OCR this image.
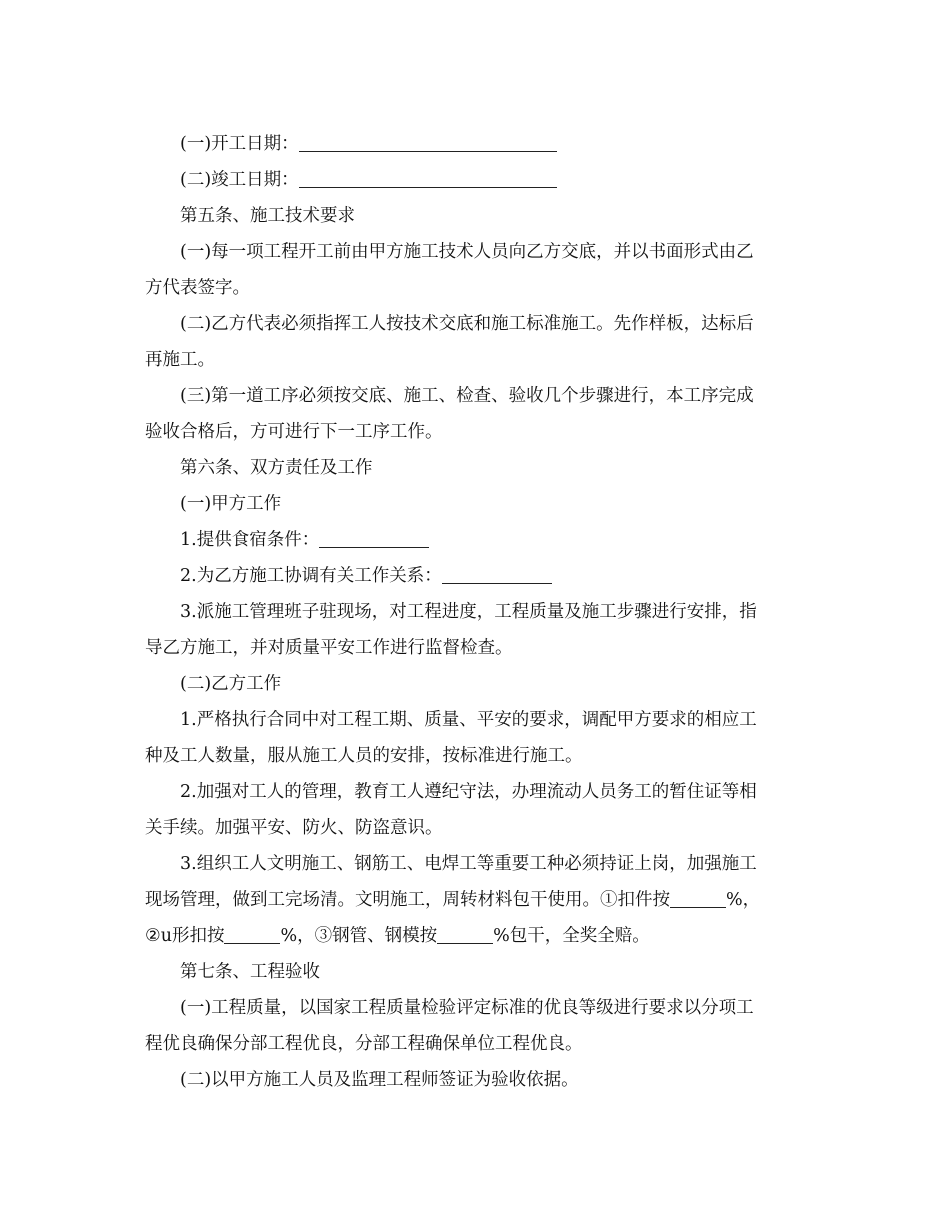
(一)开工日期：
(二)竣工日期：
第五条、施工技术要求
(一)每一项工程开工前由甲方施工技术人员向乙方交底，并以书面形式由乙
方代表签字。
(二)乙方代表必须指挥工人按技术交底和施工标准施工。先作样板，达标后
再施工。
(三)第一道工序必须按交底、施工、检查、验收几个步骤进行，本工序完成
验收合格后，方可进行下一工序工作。
第六条、双方责任及工作
(一)甲方工作
1.提供食宿条件：
2.为乙方施工协调有关工作关系：
3.派施工管理班子驻现场，对工程进度，工程质量及施工步骤进行安排，指
导乙方施工，并对质量平安工作进行监督检查。
(二)乙方工作
1.严格执行合同中对工程工期、质量、平安的要求，调配甲方要求的相应工
种及工人数量，服从施工人员的安排，按标准进行施工。
2.加强对工人的管理，教育工人遵纪守法，办理流动人员务工的暂住证等相
关手续。加强平安、防火、防盗意识。
3.组织工人文明施工、钢筋工、电焊工等重要工种必须持证上岗，加强施工
现场管理，做到工完场清。文明施工，周转材料包干使用。①扣件按	%，
②u形扣按	%，③钢管、钢模按	%包干，全奖全赔。
第七条、工程验收
(一)工程质量，以国家工程质量检验评定标准的优良等级进行要求以分项工
程优良确保分部工程优良，分部工程确保单位工程优良。
(二)以甲方施工人员及监理工程师签证为验收依据。
